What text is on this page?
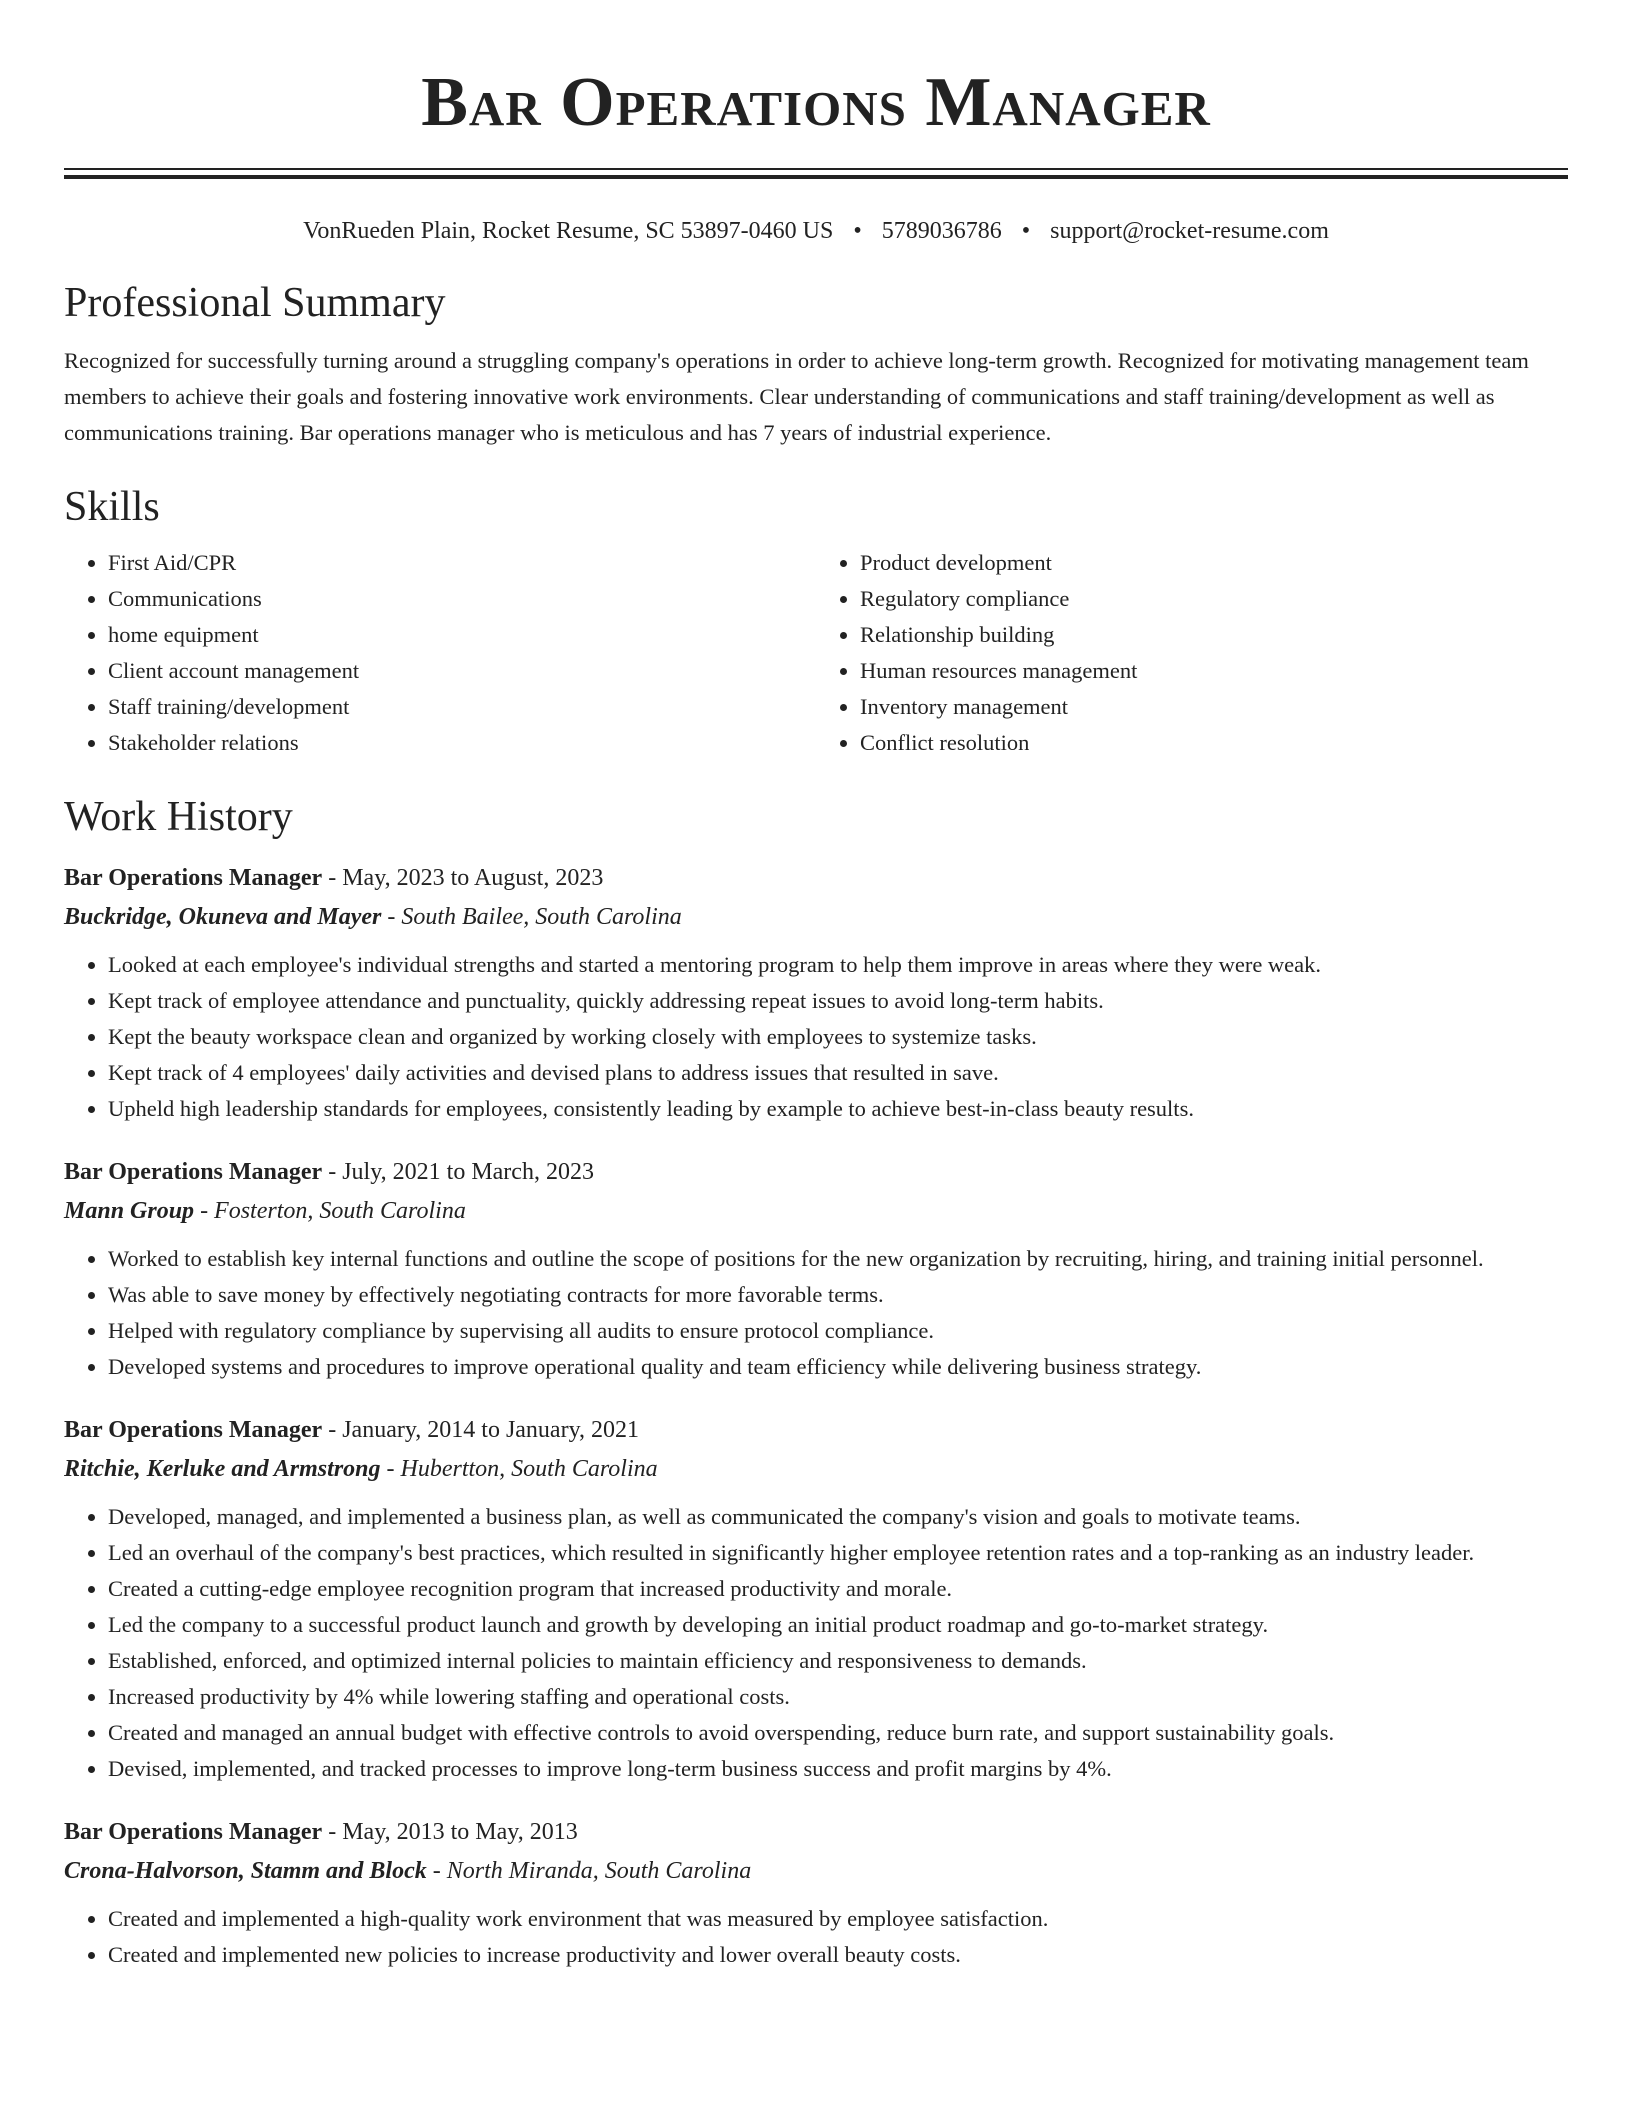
Bar Operations Manager
VonRueden Plain, Rocket Resume, SC 53897-0460 US • 5789036786 • support@rocket-resume.com
Professional Summary

Recognized for successfully turning around a struggling company's operations in order to achieve long-term growth. Recognized for motivating management team members to achieve their goals and fostering innovative work environments. Clear understanding of communications and staff training/development as well as communications training. Bar operations manager who is meticulous and has 7 years of industrial experience.

Skills
• First Aid/CPR
• Communications
• home equipment
• Client account management
• Staff training/development
• Stakeholder relations
• Product development
• Regulatory compliance
• Relationship building
• Human resources management
• Inventory management
• Conflict resolution
Work History
Bar Operations Manager - May, 2023 to August, 2023
Buckridge, Okuneva and Mayer - South Bailee, South Carolina
• Looked at each employee's individual strengths and started a mentoring program to help them improve in areas where they were weak.
• Kept track of employee attendance and punctuality, quickly addressing repeat issues to avoid long-term habits.
• Kept the beauty workspace clean and organized by working closely with employees to systemize tasks.
• Kept track of 4 employees' daily activities and devised plans to address issues that resulted in save.
• Upheld high leadership standards for employees, consistently leading by example to achieve best-in-class beauty results.
Bar Operations Manager - July, 2021 to March, 2023
Mann Group - Fosterton, South Carolina
• Worked to establish key internal functions and outline the scope of positions for the new organization by recruiting, hiring, and training initial personnel.
• Was able to save money by effectively negotiating contracts for more favorable terms.
• Helped with regulatory compliance by supervising all audits to ensure protocol compliance.
• Developed systems and procedures to improve operational quality and team efficiency while delivering business strategy.
Bar Operations Manager - January, 2014 to January, 2021
Ritchie, Kerluke and Armstrong - Hubertton, South Carolina
• Developed, managed, and implemented a business plan, as well as communicated the company's vision and goals to motivate teams.
• Led an overhaul of the company's best practices, which resulted in significantly higher employee retention rates and a top-ranking as an industry leader.
• Created a cutting-edge employee recognition program that increased productivity and morale.
• Led the company to a successful product launch and growth by developing an initial product roadmap and go-to-market strategy.
• Established, enforced, and optimized internal policies to maintain efficiency and responsiveness to demands.
• Increased productivity by 4% while lowering staffing and operational costs.
• Created and managed an annual budget with effective controls to avoid overspending, reduce burn rate, and support sustainability goals.
• Devised, implemented, and tracked processes to improve long-term business success and profit margins by 4%.
Bar Operations Manager - May, 2013 to May, 2013
Crona-Halvorson, Stamm and Block - North Miranda, South Carolina
• Created and implemented a high-quality work environment that was measured by employee satisfaction.
• Created and implemented new policies to increase productivity and lower overall beauty costs.
